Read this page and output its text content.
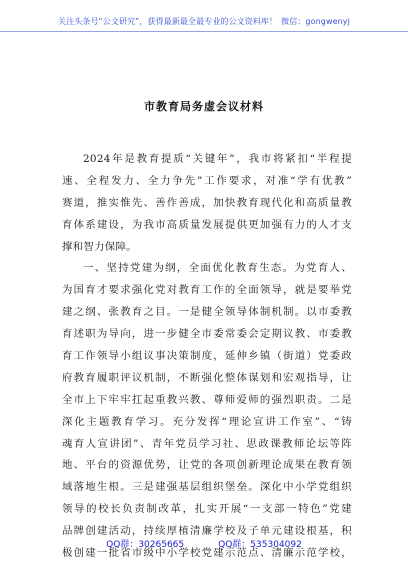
关注头条号“公文研究”，获得最新最全最专业的公文资料库！ 微信：gongwenyj
市教育局务虚会议材料
2024年是教育提质“关键年”，我市将紧扣“半程提
速、全程发力、全力争先”工作要求，对准“学有优教”
赛道，推实惟先、善作善成，加快教育现代化和高质量教
育体系建设，为我市高质量发展提供更加强有力的人才支
撑和智力保障。
一、坚持党建为纲，全面优化教育生态。为党育人、
为国育才要求强化党对教育工作的全面领导，就是要举党
建之纲、张教育之目。一是健全领导体制机制。以市委教
育述职为导向，进一步健全市委常委会定期议教、市委教
育工作领导小组议事决策制度，延伸乡镇（街道）党委政
府教育履职评议机制，不断强化整体谋划和宏观指导，让
全市上下牢牢扛起重教兴教、尊师爱师的强烈职责。二是
深化主题教育学习。充分发挥“理论宣讲工作室”、“铸
魂育人宣讲团”、青年党员学习社、思政课教师论坛等阵
地、平台的资源优势，让党的各项创新理论成果在教育领
域落地生根。三是建强基层组织堡垒。深化中小学党组织
领导的校长负责制改革，扎实开展“一支部一特色”党建
品牌创建活动，持续厚植清廉学校及子单元建设根基，积
极创建一批省市级中小学校党建示范点、清廉示范学校，
QQ群：30265665	QQ群：535304092
